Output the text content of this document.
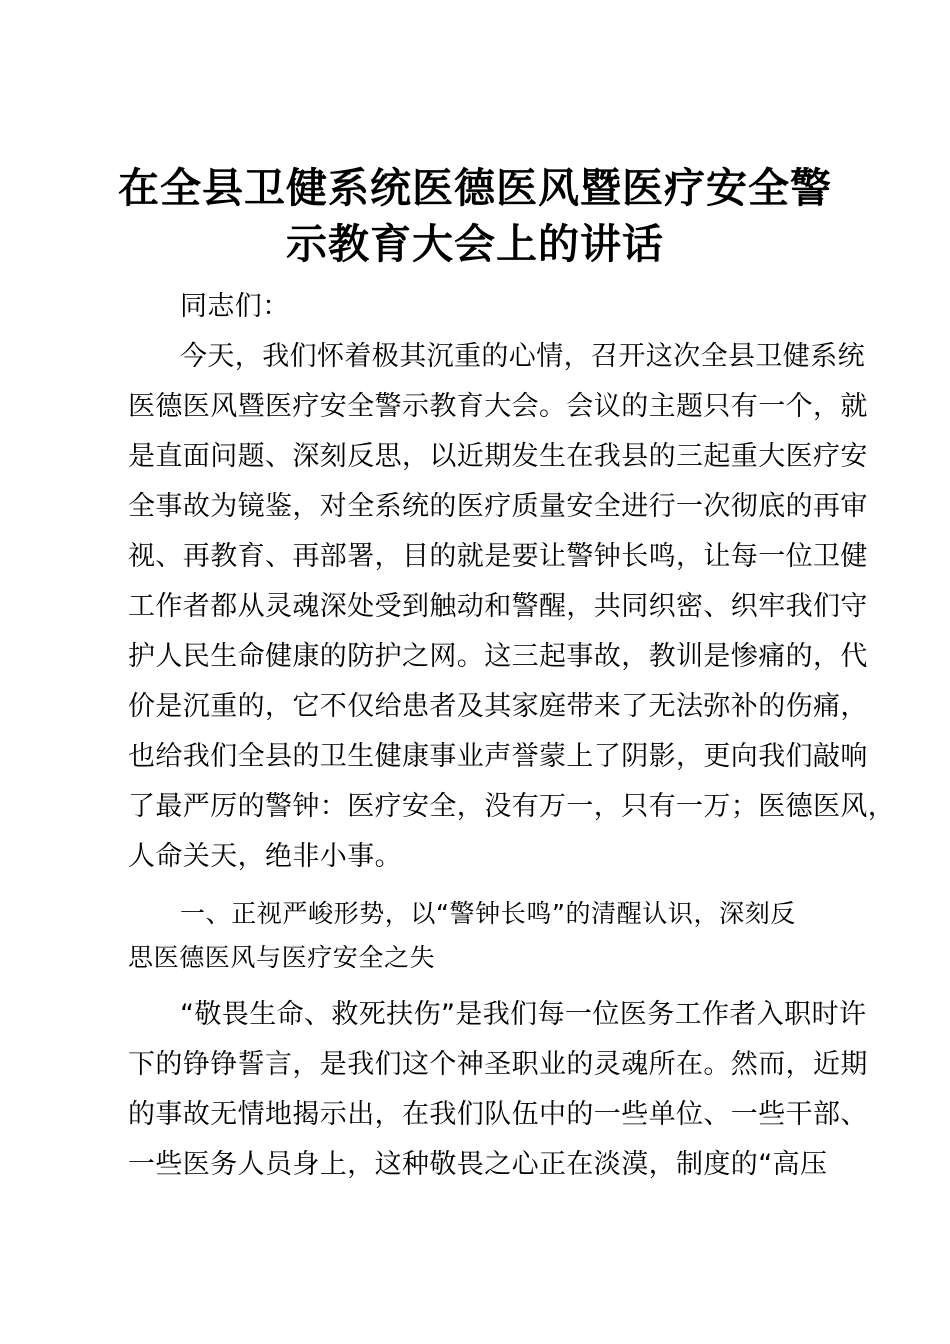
在全县卫健系统医德医风暨医疗安全警
示教育大会上的讲话
同志们：
今天，我们怀着极其沉重的心情，召开这次全县卫健系统
医德医风暨医疗安全警示教育大会。会议的主题只有一个，就
是直面问题、深刻反思，以近期发生在我县的三起重大医疗安
全事故为镜鉴，对全系统的医疗质量安全进行一次彻底的再审
视、再教育、再部署，目的就是要让警钟长鸣，让每一位卫健
工作者都从灵魂深处受到触动和警醒，共同织密、织牢我们守
护人民生命健康的防护之网。这三起事故，教训是惨痛的，代
价是沉重的，它不仅给患者及其家庭带来了无法弥补的伤痛，
也给我们全县的卫生健康事业声誉蒙上了阴影，更向我们敲响
了最严厉的警钟：医疗安全，没有万一，只有一万；医德医风，
人命关天，绝非小事。
一、正视严峻形势，以“警钟长鸣”的清醒认识，深刻反
思医德医风与医疗安全之失
“敬畏生命、救死扶伤”是我们每一位医务工作者入职时许
下的铮铮誓言，是我们这个神圣职业的灵魂所在。然而，近期
的事故无情地揭示出，在我们队伍中的一些单位、一些干部、
一些医务人员身上，这种敬畏之心正在淡漠，制度的“高压
